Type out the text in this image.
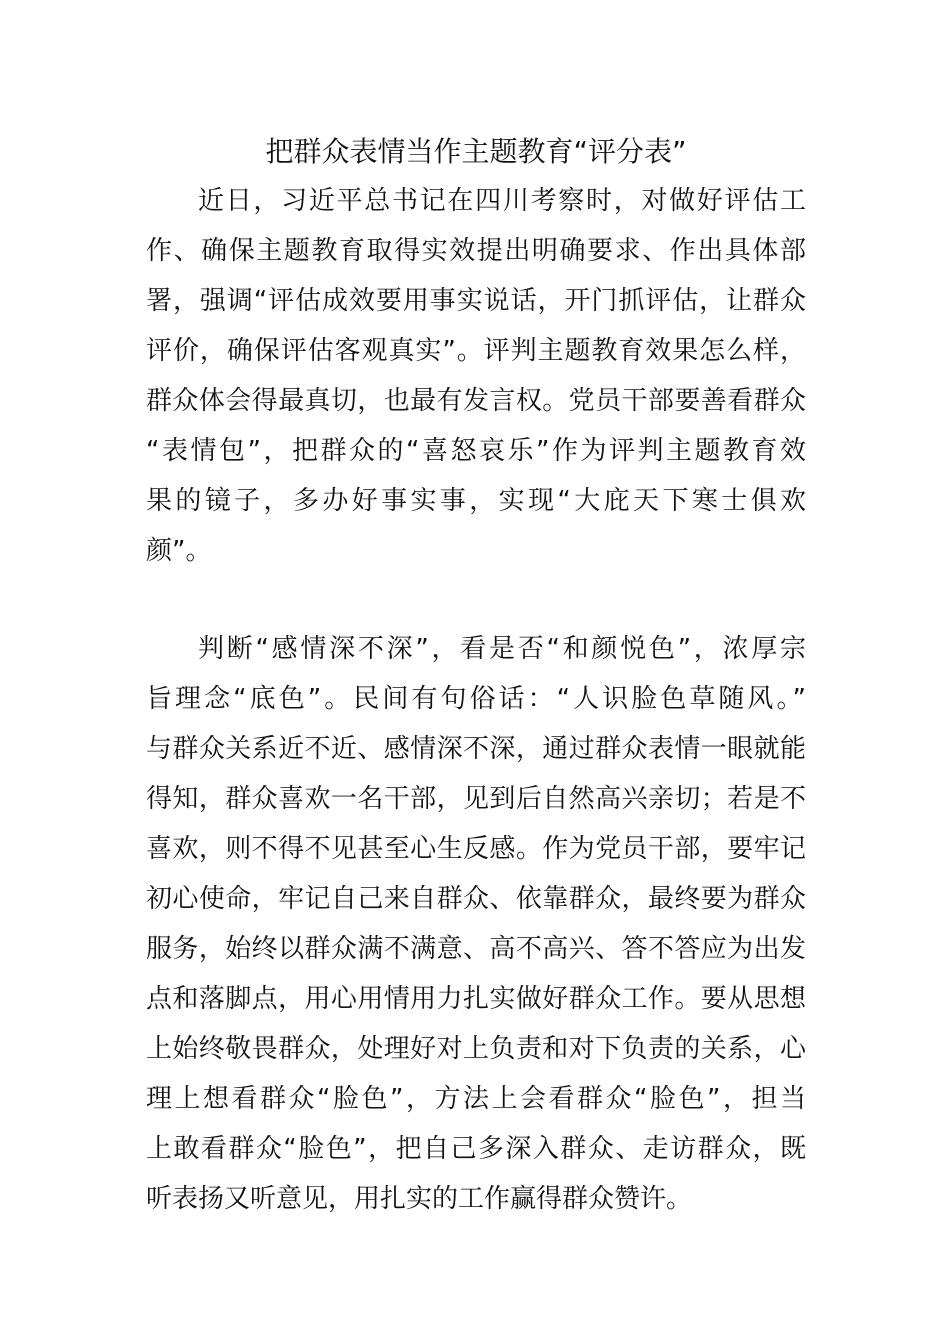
把群众表情当作主题教育“评分表”
近日，习近平总书记在四川考察时，对做好评估工
作、确保主题教育取得实效提出明确要求、作出具体部
署，强调“评估成效要用事实说话，开门抓评估，让群众
评价，确保评估客观真实”。评判主题教育效果怎么样，
群众体会得最真切，也最有发言权。党员干部要善看群众
“表情包”，把群众的“喜怒哀乐”作为评判主题教育效
果的镜子，多办好事实事，实现“大庇天下寒士俱欢
颜”。
判断“感情深不深”，看是否“和颜悦色”，浓厚宗
旨理念“底色”。民间有句俗话：“人识脸色草随风。”
与群众关系近不近、感情深不深，通过群众表情一眼就能
得知，群众喜欢一名干部，见到后自然高兴亲切；若是不
喜欢，则不得不见甚至心生反感。作为党员干部，要牢记
初心使命，牢记自己来自群众、依靠群众，最终要为群众
服务，始终以群众满不满意、高不高兴、答不答应为出发
点和落脚点，用心用情用力扎实做好群众工作。要从思想
上始终敬畏群众，处理好对上负责和对下负责的关系，心
理上想看群众“脸色”，方法上会看群众“脸色”，担当
上敢看群众“脸色”，把自己多深入群众、走访群众，既
听表扬又听意见，用扎实的工作赢得群众赞许。
